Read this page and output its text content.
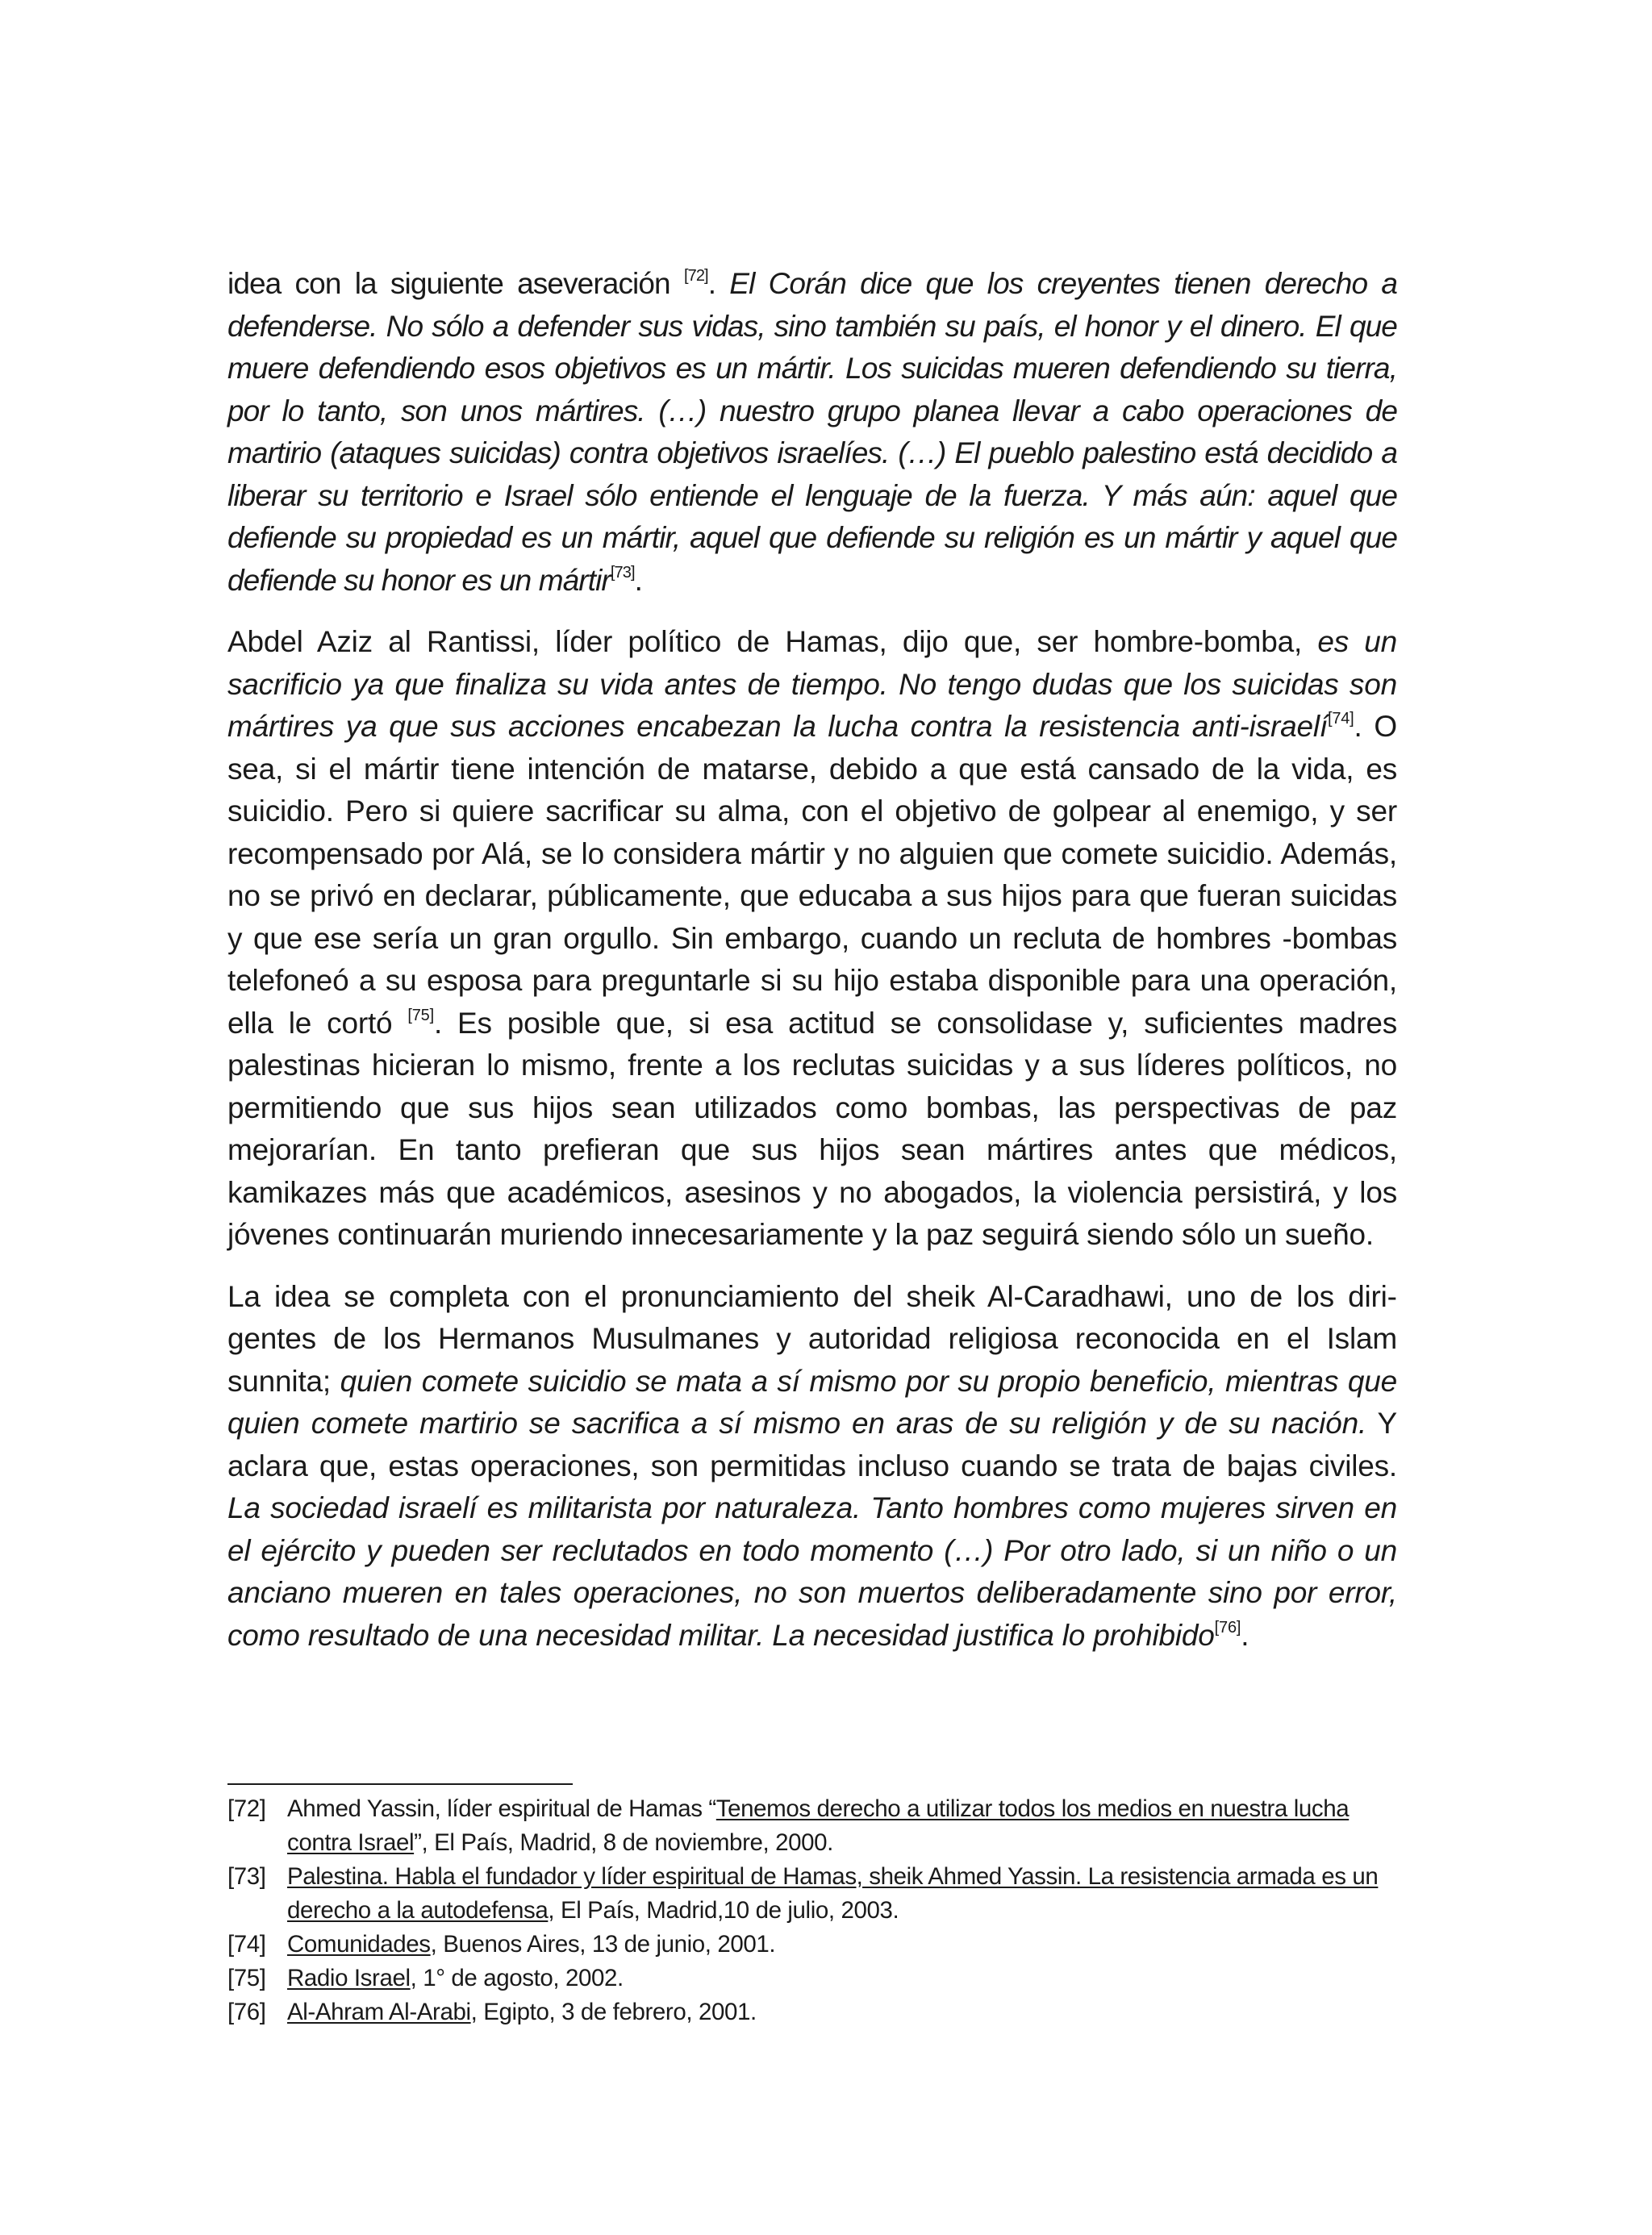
idea con la siguiente aseveración [72]. El Corán dice que los creyentes tienen derecho a defenderse. No sólo a defender sus vidas, sino también su país, el honor y el dinero. El que muere defendiendo esos objetivos es un mártir. Los suicidas mueren defendiendo su tierra, por lo tanto, son unos mártires. (…) nuestro grupo planea llevar a cabo operaciones de martirio (ataques suicidas) contra objetivos israelíes. (…) El pueblo palestino está decidido a liberar su territorio e Israel sólo entiende el lenguaje de la fuerza. Y más aún: aquel que defiende su propiedad es un mártir, aquel que defiende su religión es un mártir y aquel que defiende su honor es un mártir[73].

Abdel Aziz al Rantissi, líder político de Hamas, dijo que, ser hombre-bomba, es un sacrificio ya que finaliza su vida antes de tiempo. No tengo dudas que los suicidas son mártires ya que sus acciones encabezan la lucha contra la resistencia anti-israelí[74]. O sea, si el mártir tiene intención de matarse, debido a que está cansado de la vida, es suicidio. Pero si quiere sacrificar su alma, con el objetivo de golpear al enemigo, y ser recompensado por Alá, se lo considera mártir y no alguien que comete suicidio. Además, no se privó en declarar, públicamente, que educaba a sus hijos para que fueran suicidas y que ese sería un gran orgullo. Sin embargo, cuando un recluta de hombres -bombas telefoneó a su esposa para preguntarle si su hijo estaba disponible para una operación, ella le cortó [75]. Es posible que, si esa actitud se consolidase y, suficientes madres palestinas hicieran lo mismo, frente a los reclutas suicidas y a sus líderes políticos, no permitiendo que sus hijos sean utilizados como bombas, las perspectivas de paz mejorarían. En tanto prefieran que sus hijos sean mártires antes que médicos, kamikazes más que académicos, asesinos y no abogados, la violencia persistirá, y los jóvenes continuarán muriendo innecesariamente y la paz seguirá siendo sólo un sueño.

La idea se completa con el pronunciamiento del sheik Al-Caradhawi, uno de los dirigentes de los Hermanos Musulmanes y autoridad religiosa reconocida en el Islam sunnita; quien comete suicidio se mata a sí mismo por su propio beneficio, mientras que quien comete martirio se sacrifica a sí mismo en aras de su religión y de su nación. Y aclara que, estas operaciones, son permitidas incluso cuando se trata de bajas civiles. La sociedad israelí es militarista por naturaleza. Tanto hombres como mujeres sirven en el ejército y pueden ser reclutados en todo momento (…) Por otro lado, si un niño o un anciano mueren en tales operaciones, no son muertos deliberadamente sino por error, como resultado de una necesidad militar. La necesidad justifica lo prohibido[76].

[72] Ahmed Yassin, líder espiritual de Hamas “Tenemos derecho a utilizar todos los medios en nuestra lucha contra Israel”, El País, Madrid, 8 de noviembre, 2000.
[73] Palestina. Habla el fundador y líder espiritual de Hamas, sheik Ahmed Yassin. La resistencia armada es un derecho a la autodefensa, El País, Madrid,10 de julio, 2003.
[74] Comunidades, Buenos Aires, 13 de junio, 2001.
[75] Radio Israel, 1° de agosto, 2002.
[76] Al-Ahram Al-Arabi, Egipto, 3 de febrero, 2001.
